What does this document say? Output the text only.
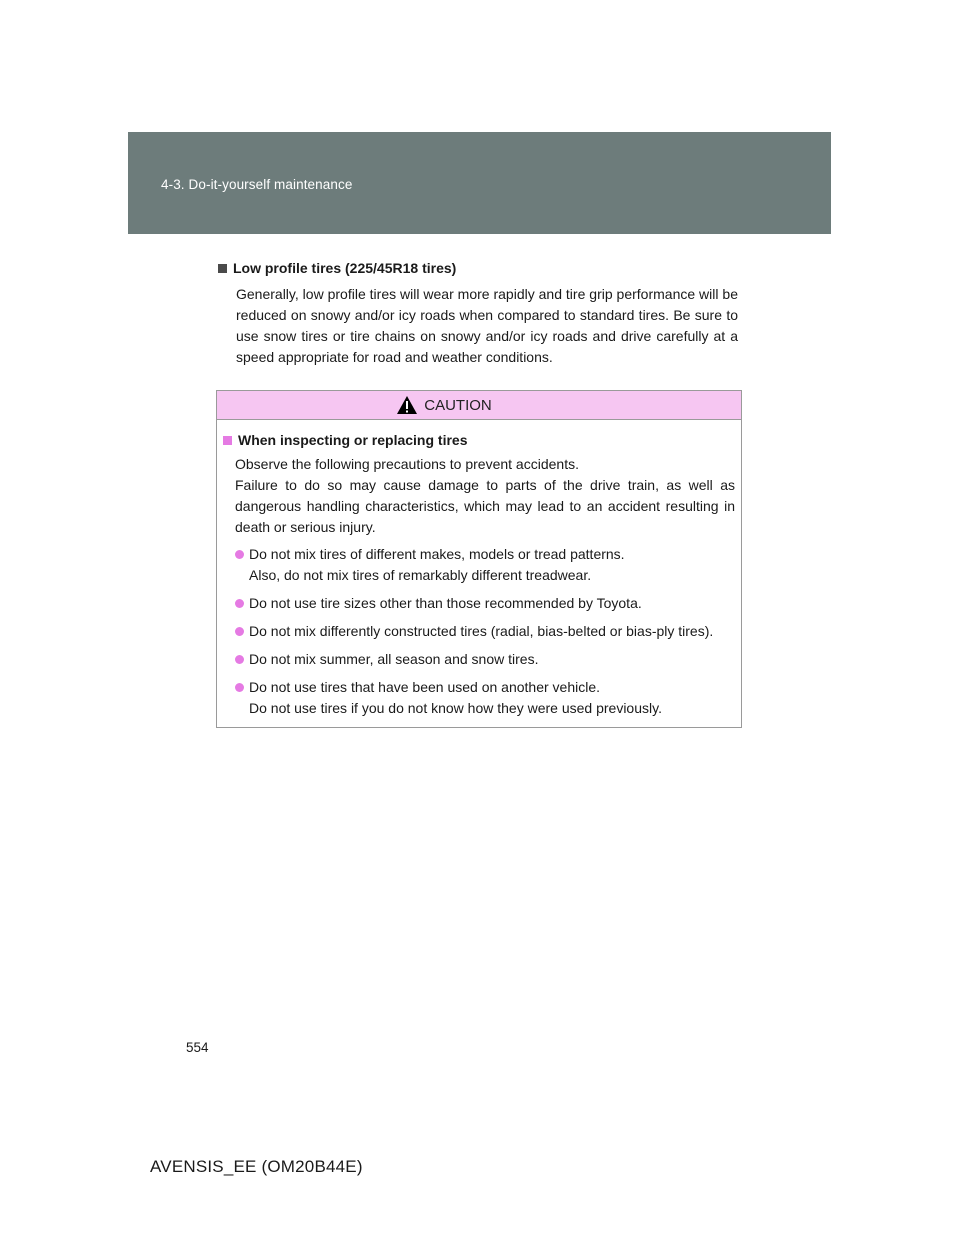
4-3. Do-it-yourself maintenance
Low profile tires (225/45R18 tires)

Generally, low profile tires will wear more rapidly and tire grip performance will be reduced on snowy and/or icy roads when compared to standard tires. Be sure to use snow tires or tire chains on snowy and/or icy roads and drive carefully at a speed appropriate for road and weather conditions.

CAUTION
When inspecting or replacing tires

Observe the following precautions to prevent accidents.
Failure to do so may cause damage to parts of the drive train, as well as dangerous handling characteristics, which may lead to an accident resulting in death or serious injury.

Do not mix tires of different makes, models or tread patterns.
Also, do not mix tires of remarkably different treadwear.
Do not use tire sizes other than those recommended by Toyota.
Do not mix differently constructed tires (radial, bias-belted or bias-ply tires).
Do not mix summer, all season and snow tires.
Do not use tires that have been used on another vehicle.
Do not use tires if you do not know how they were used previously.
554
AVENSIS_EE (OM20B44E)
